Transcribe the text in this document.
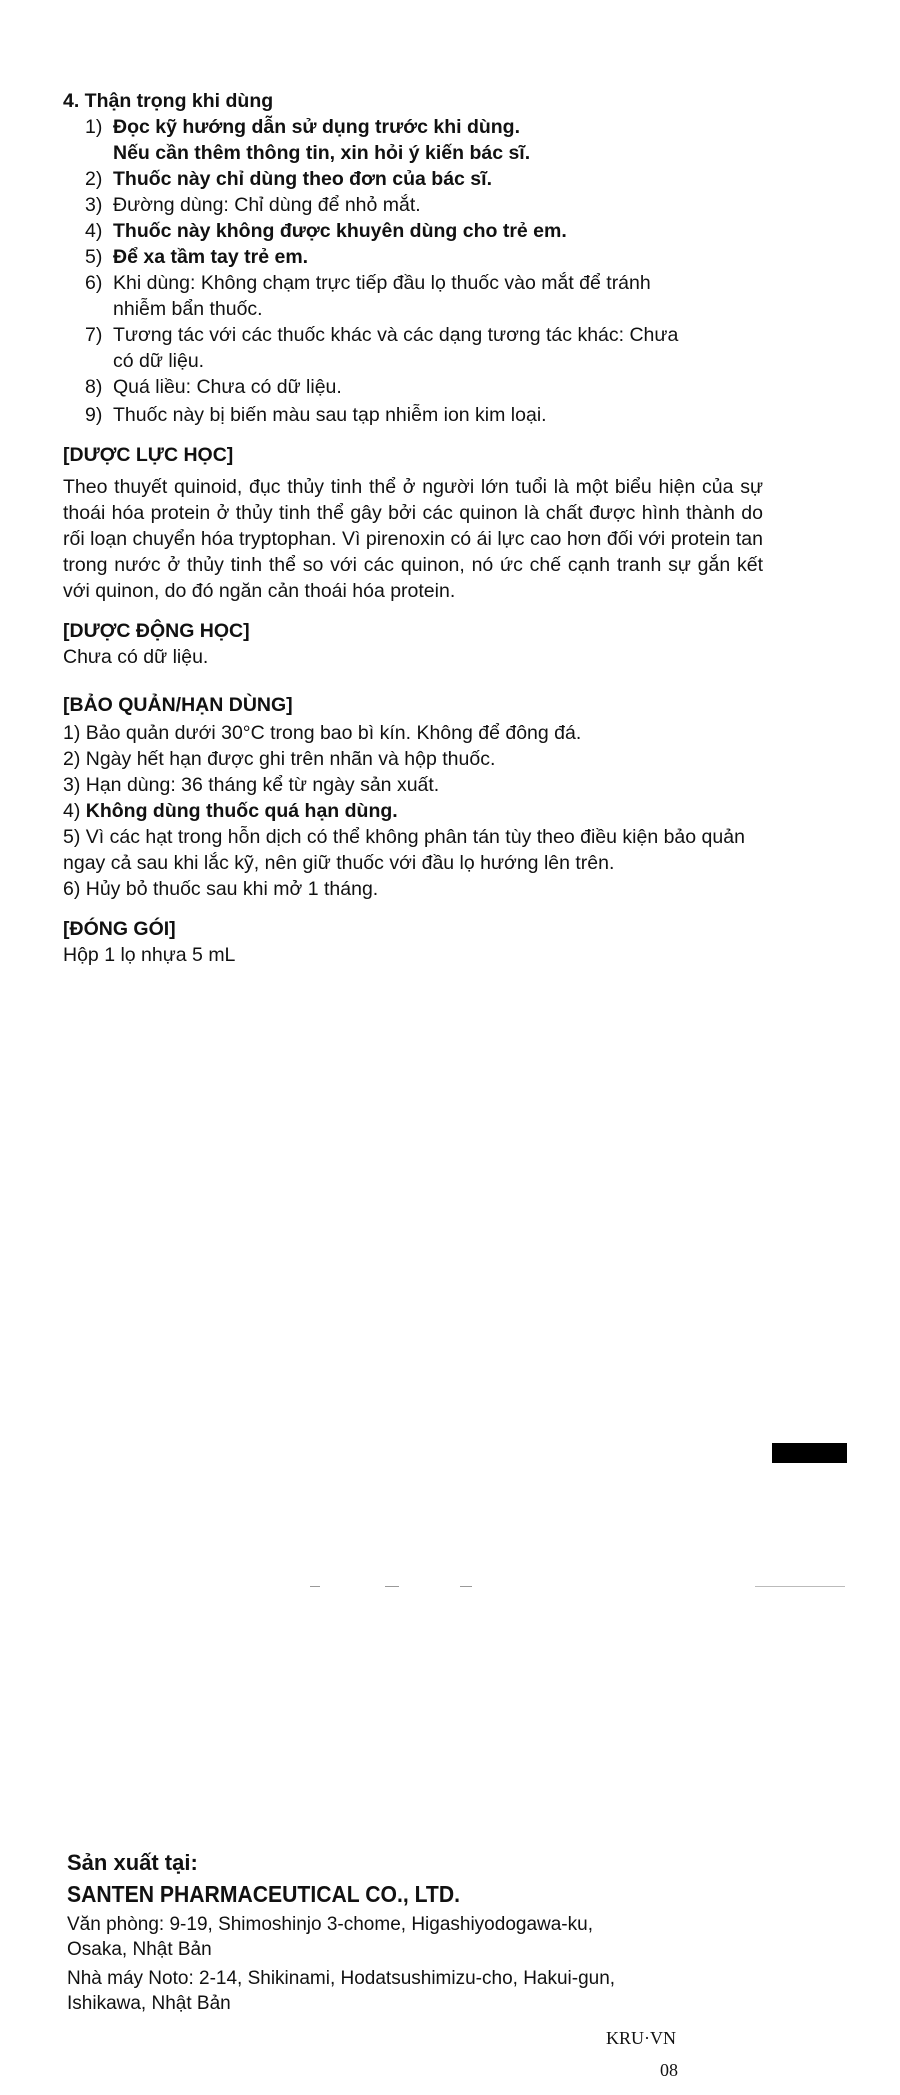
4. Thận trọng khi dùng

1) Đọc kỹ hướng dẫn sử dụng trước khi dùng.
Nếu cần thêm thông tin, xin hỏi ý kiến bác sĩ.
2) Thuốc này chỉ dùng theo đơn của bác sĩ.
3) Đường dùng: Chỉ dùng để nhỏ mắt.
4) Thuốc này không được khuyên dùng cho trẻ em.
5) Để xa tầm tay trẻ em.
6) Khi dùng: Không chạm trực tiếp đầu lọ thuốc vào mắt để tránh
nhiễm bẩn thuốc.
7) Tương tác với các thuốc khác và các dạng tương tác khác: Chưa
có dữ liệu.
8) Quá liều: Chưa có dữ liệu.
9) Thuốc này bị biến màu sau tạp nhiễm ion kim loại.

[DƯỢC LỰC HỌC]

Theo thuyết quinoid, đục thủy tinh thể ở người lớn tuổi là một biểu hiện của sự thoái hóa protein ở thủy tinh thể gây bởi các quinon là chất được hình thành do rối loạn chuyển hóa tryptophan. Vì pirenoxin có ái lực cao hơn đối với protein tan trong nước ở thủy tinh thể so với các quinon, nó ức chế cạnh tranh sự gắn kết với quinon, do đó ngăn cản thoái hóa protein.

[DƯỢC ĐỘNG HỌC]

Chưa có dữ liệu.

[BẢO QUẢN/HẠN DÙNG]

1) Bảo quản dưới 30°C trong bao bì kín. Không để đông đá.

2) Ngày hết hạn được ghi trên nhãn và hộp thuốc.

3) Hạn dùng: 36 tháng kể từ ngày sản xuất.

4) Không dùng thuốc quá hạn dùng.

5) Vì các hạt trong hỗn dịch có thể không phân tán tùy theo điều kiện bảo quản ngay cả sau khi lắc kỹ, nên giữ thuốc với đầu lọ hướng lên trên.

6) Hủy bỏ thuốc sau khi mở 1 tháng.

[ĐÓNG GÓI]

Hộp 1 lọ nhựa 5 mL

Sản xuất tại:
SANTEN PHARMACEUTICAL CO., LTD.
Văn phòng: 9-19, Shimoshinjo 3-chome, Higashiyodogawa-ku,
Osaka, Nhật Bản
Nhà máy Noto: 2-14, Shikinami, Hodatsushimizu-cho, Hakui-gun,
Ishikawa, Nhật Bản
KRU·VN
08
